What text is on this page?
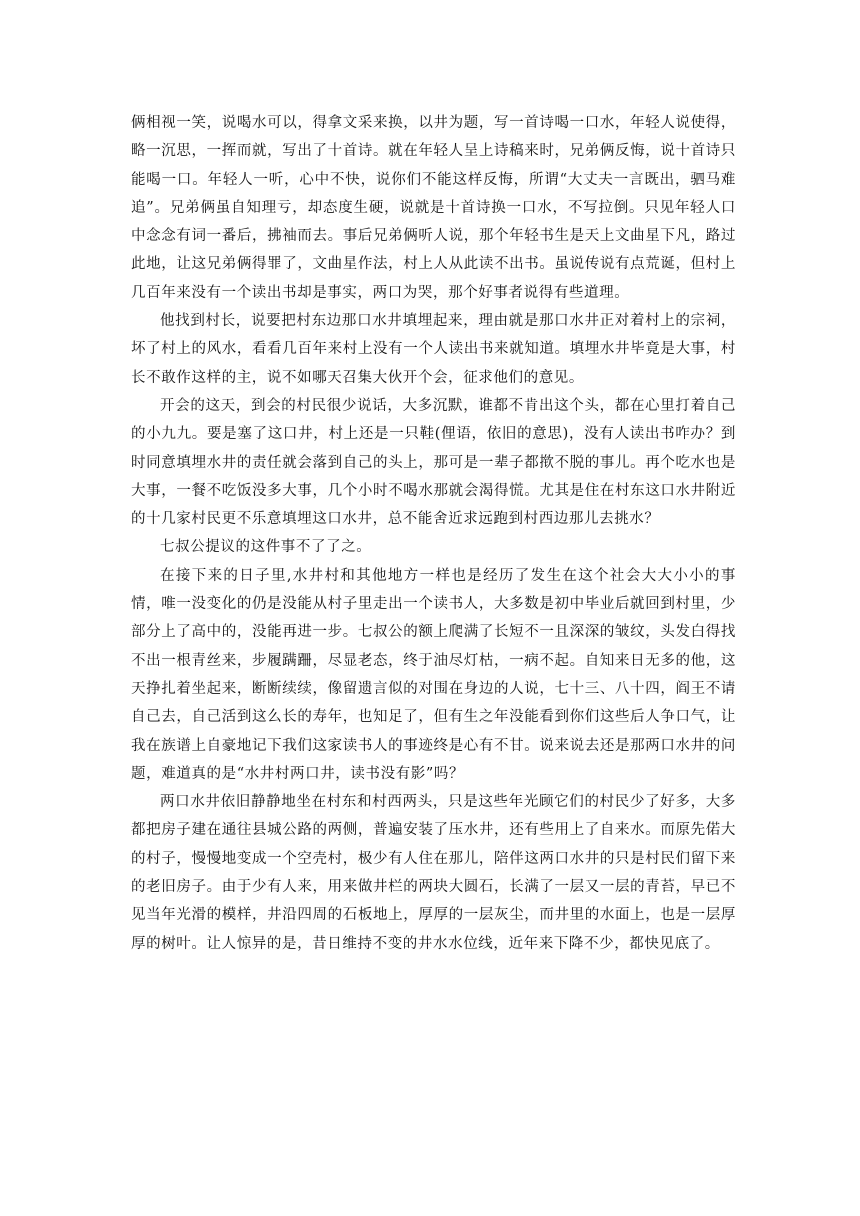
俩相视一笑，说喝水可以，得拿文采来换，以井为题，写一首诗喝一口水，年轻人说使得，略一沉思，一挥而就，写出了十首诗。就在年轻人呈上诗稿来时，兄弟俩反悔，说十首诗只能喝一口。年轻人一听，心中不快，说你们不能这样反悔，所谓“大丈夫一言既出，驷马难追”。兄弟俩虽自知理亏，却态度生硬，说就是十首诗换一口水，不写拉倒。只见年轻人口中念念有词一番后，拂袖而去。事后兄弟俩听人说，那个年轻书生是天上文曲星下凡，路过此地，让这兄弟俩得罪了，文曲星作法，村上人从此读不出书。虽说传说有点荒诞，但村上几百年来没有一个读出书却是事实，两口为哭，那个好事者说得有些道理。

他找到村长，说要把村东边那口水井填埋起来，理由就是那口水井正对着村上的宗祠，坏了村上的风水，看看几百年来村上没有一个人读出书来就知道。填埋水井毕竟是大事，村长不敢作这样的主，说不如哪天召集大伙开个会，征求他们的意见。

开会的这天，到会的村民很少说话，大多沉默，谁都不肯出这个头，都在心里打着自己的小九九。要是塞了这口井，村上还是一只鞋(俚语，依旧的意思)，没有人读出书咋办？到时同意填埋水井的责任就会落到自己的头上，那可是一辈子都揿不脱的事儿。再个吃水也是大事，一餐不吃饭没多大事，几个小时不喝水那就会渴得慌。尤其是住在村东这口水井附近的十几家村民更不乐意填埋这口水井，总不能舍近求远跑到村西边那儿去挑水？

七叔公提议的这件事不了了之。

在接下来的日子里,水井村和其他地方一样也是经历了发生在这个社会大大小小的事情，唯一没变化的仍是没能从村子里走出一个读书人，大多数是初中毕业后就回到村里，少部分上了高中的，没能再进一步。七叔公的额上爬满了长短不一且深深的皱纹，头发白得找不出一根青丝来，步履蹒跚，尽显老态，终于油尽灯枯，一病不起。自知来日无多的他，这天挣扎着坐起来，断断续续，像留遗言似的对围在身边的人说，七十三、八十四，阎王不请自己去，自己活到这么长的寿年，也知足了，但有生之年没能看到你们这些后人争口气，让我在族谱上自豪地记下我们这家读书人的事迹终是心有不甘。说来说去还是那两口水井的问题，难道真的是“水井村两口井，读书没有影”吗？

两口水井依旧静静地坐在村东和村西两头，只是这些年光顾它们的村民少了好多，大多都把房子建在通往县城公路的两侧，普遍安装了压水井，还有些用上了自来水。而原先偌大的村子，慢慢地变成一个空壳村，极少有人住在那儿，陪伴这两口水井的只是村民们留下来的老旧房子。由于少有人来，用来做井栏的两块大圆石，长满了一层又一层的青苔，早已不见当年光滑的模样，井沿四周的石板地上，厚厚的一层灰尘，而井里的水面上，也是一层厚厚的树叶。让人惊异的是，昔日维持不变的井水水位线，近年来下降不少，都快见底了。
